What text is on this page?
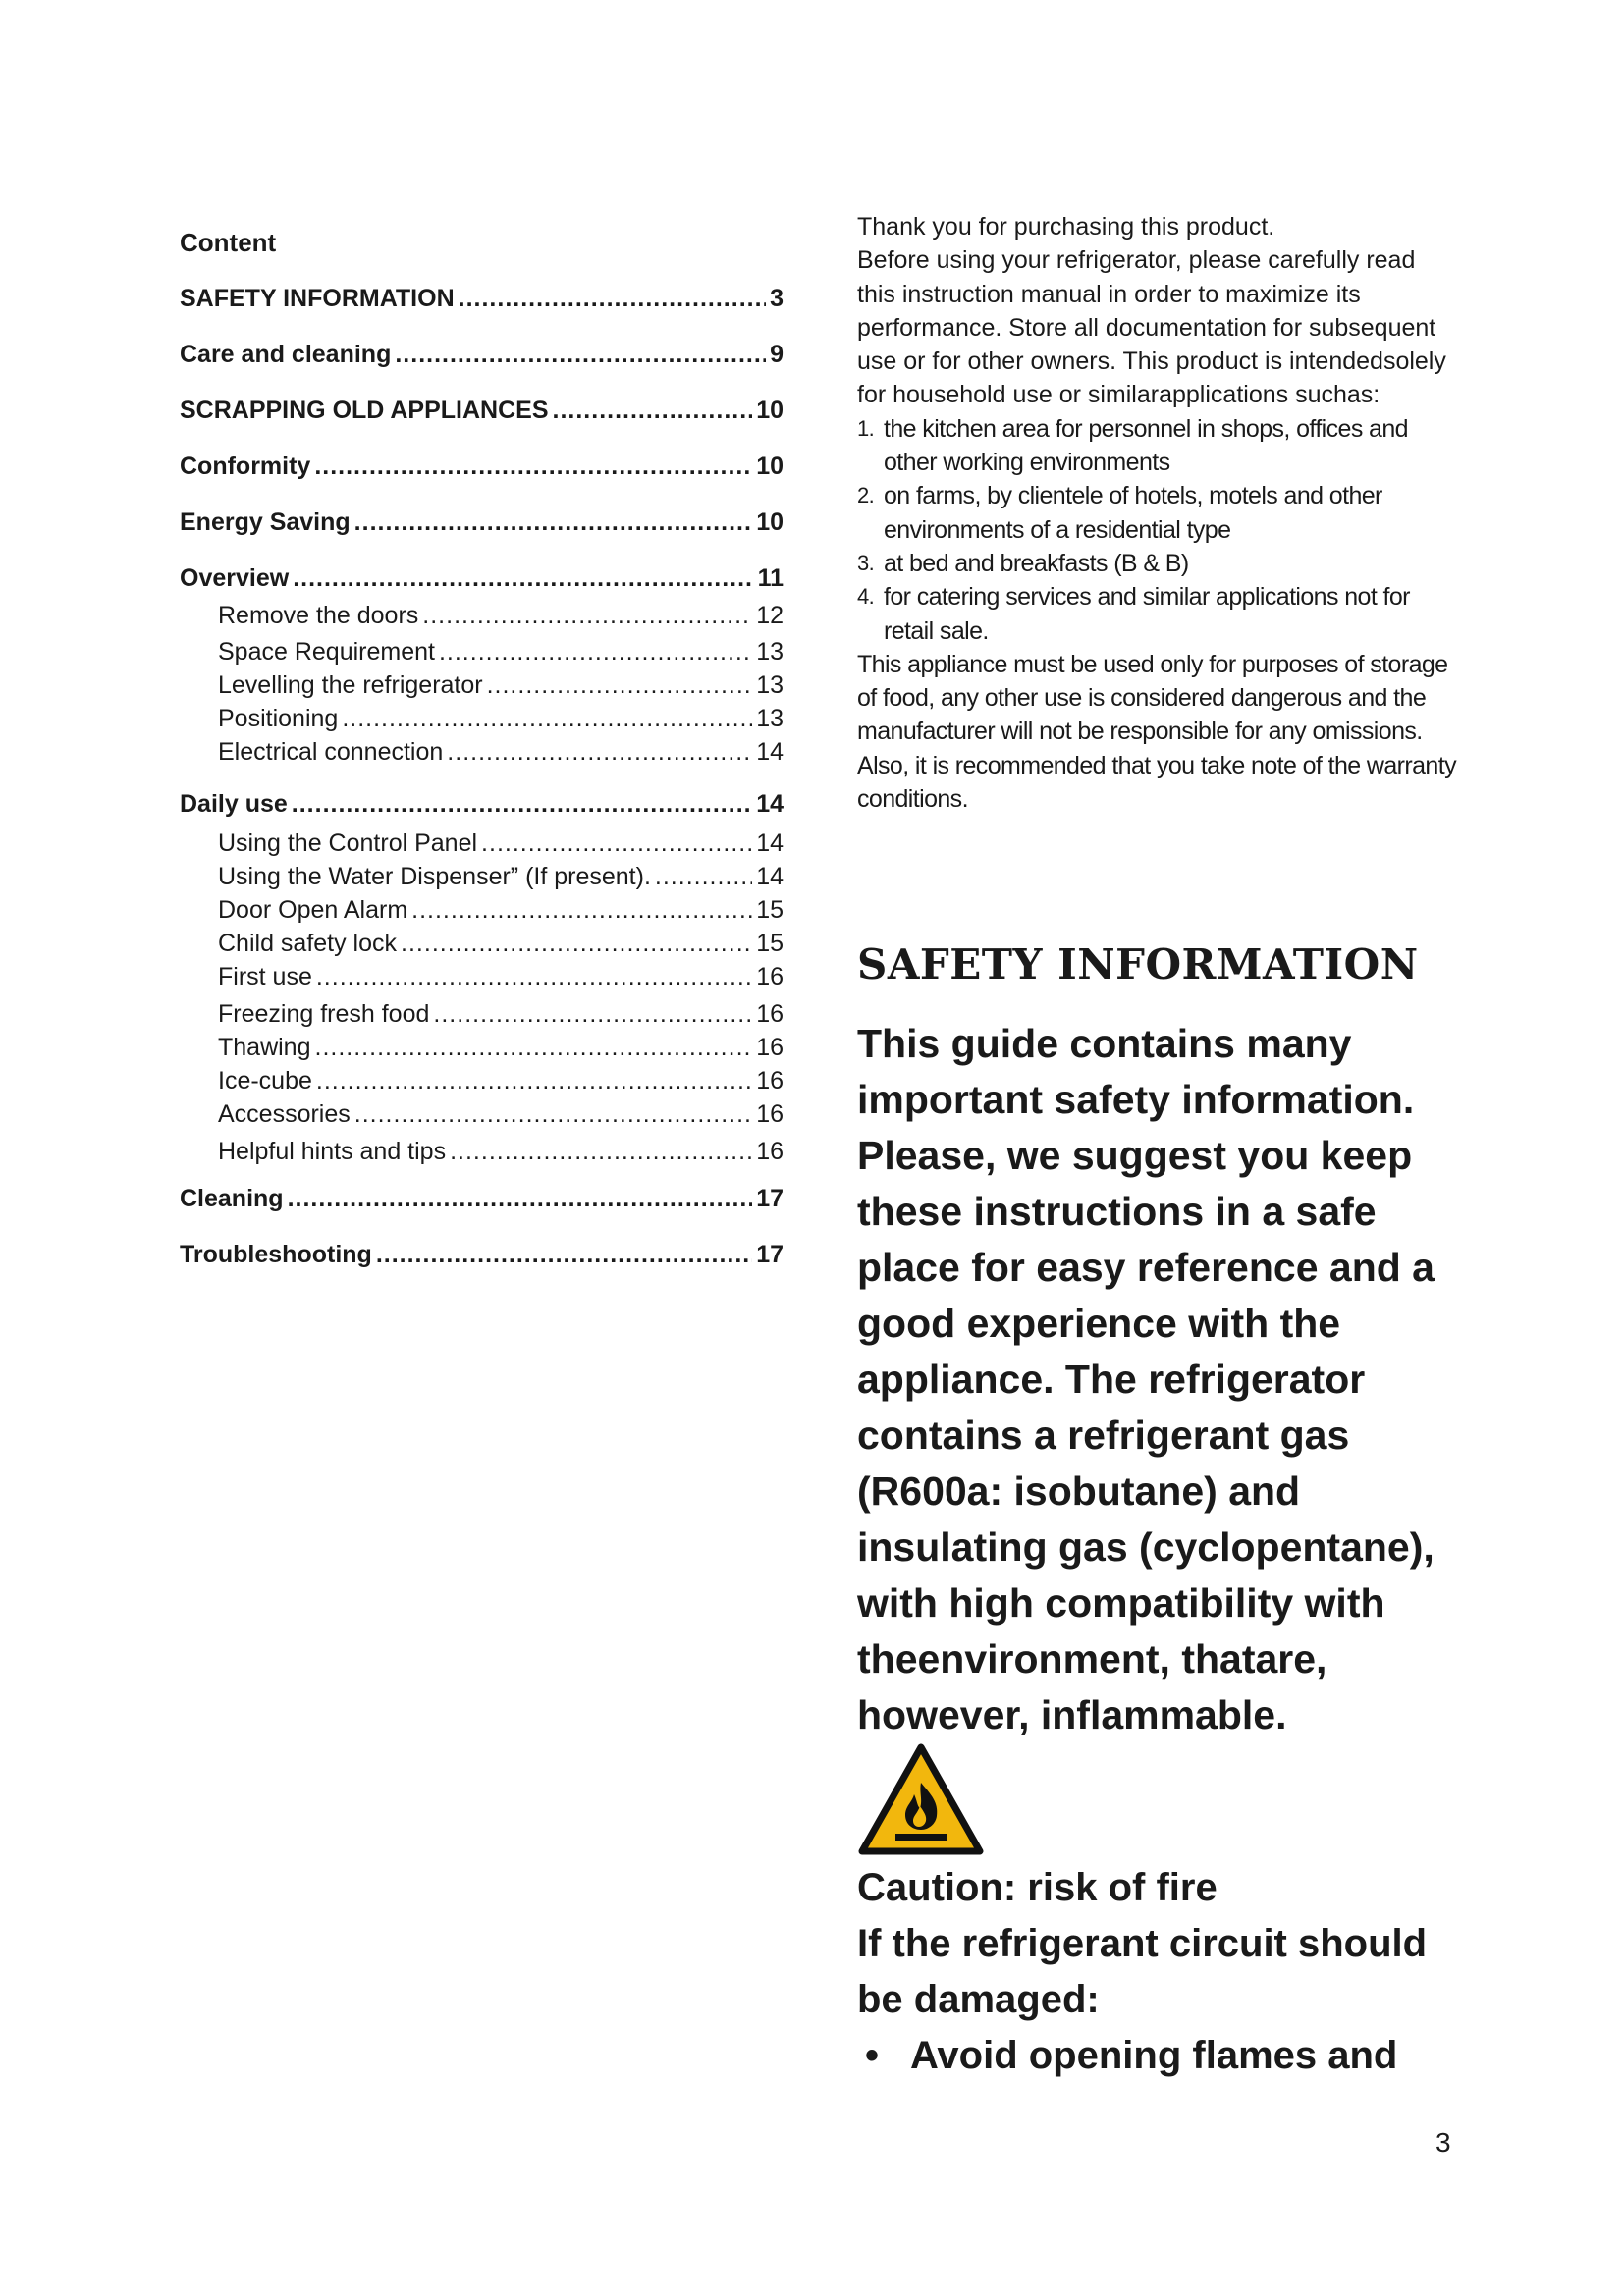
Content
SAFETY INFORMATION .....	3
Care and cleaning .....	9
SCRAPPING OLD APPLIANCES .....	10
Conformity .....	10
Energy Saving .....	10
Overview .....	11
Remove the doors .....	12
Space Requirement .....	13
Levelling the refrigerator .....	13
Positioning .....	13
Electrical connection .....	14
Daily use .....	14
Using the Control Panel .....	14
Using the Water Dispenser” (If present). .....	14
Door Open Alarm .....	15
Child safety lock .....	15
First use .....	16
Freezing fresh food .....	16
Thawing .....	16
Ice-cube .....	16
Accessories .....	16
Helpful hints and tips .....	16
Cleaning .....	17
Troubleshooting .....	17

Thank you for purchasing this product.

Before using your refrigerator, please carefully read this instruction manual in order to maximize its performance. Store all documentation for subsequent use or for other owners. This product is intendedsolely for household use or similarapplications suchas:

1. the kitchen area for personnel in shops, offices and other working environments
2. on farms, by clientele of hotels, motels and other environments of a residential type
3. at bed and breakfasts (B & B)
4. for catering services and similar applications not for retail sale.

This appliance must be used only for purposes of storage of food, any other use is considered dangerous and the manufacturer will not be responsible for any omissions. Also, it is recommended that you take note of the warranty conditions.

SAFETY INFORMATION
This guide contains many important safety information. Please, we suggest you keep these instructions in a safe place for easy reference and a good experience with the appliance. The refrigerator contains a refrigerant gas (R600a: isobutane) and insulating gas (cyclopentane), with high compatibility with theenvironment, thatare, however, inflammable.
Caution: risk of fire
If the refrigerant circuit should be damaged:
• Avoid opening flames and
3
